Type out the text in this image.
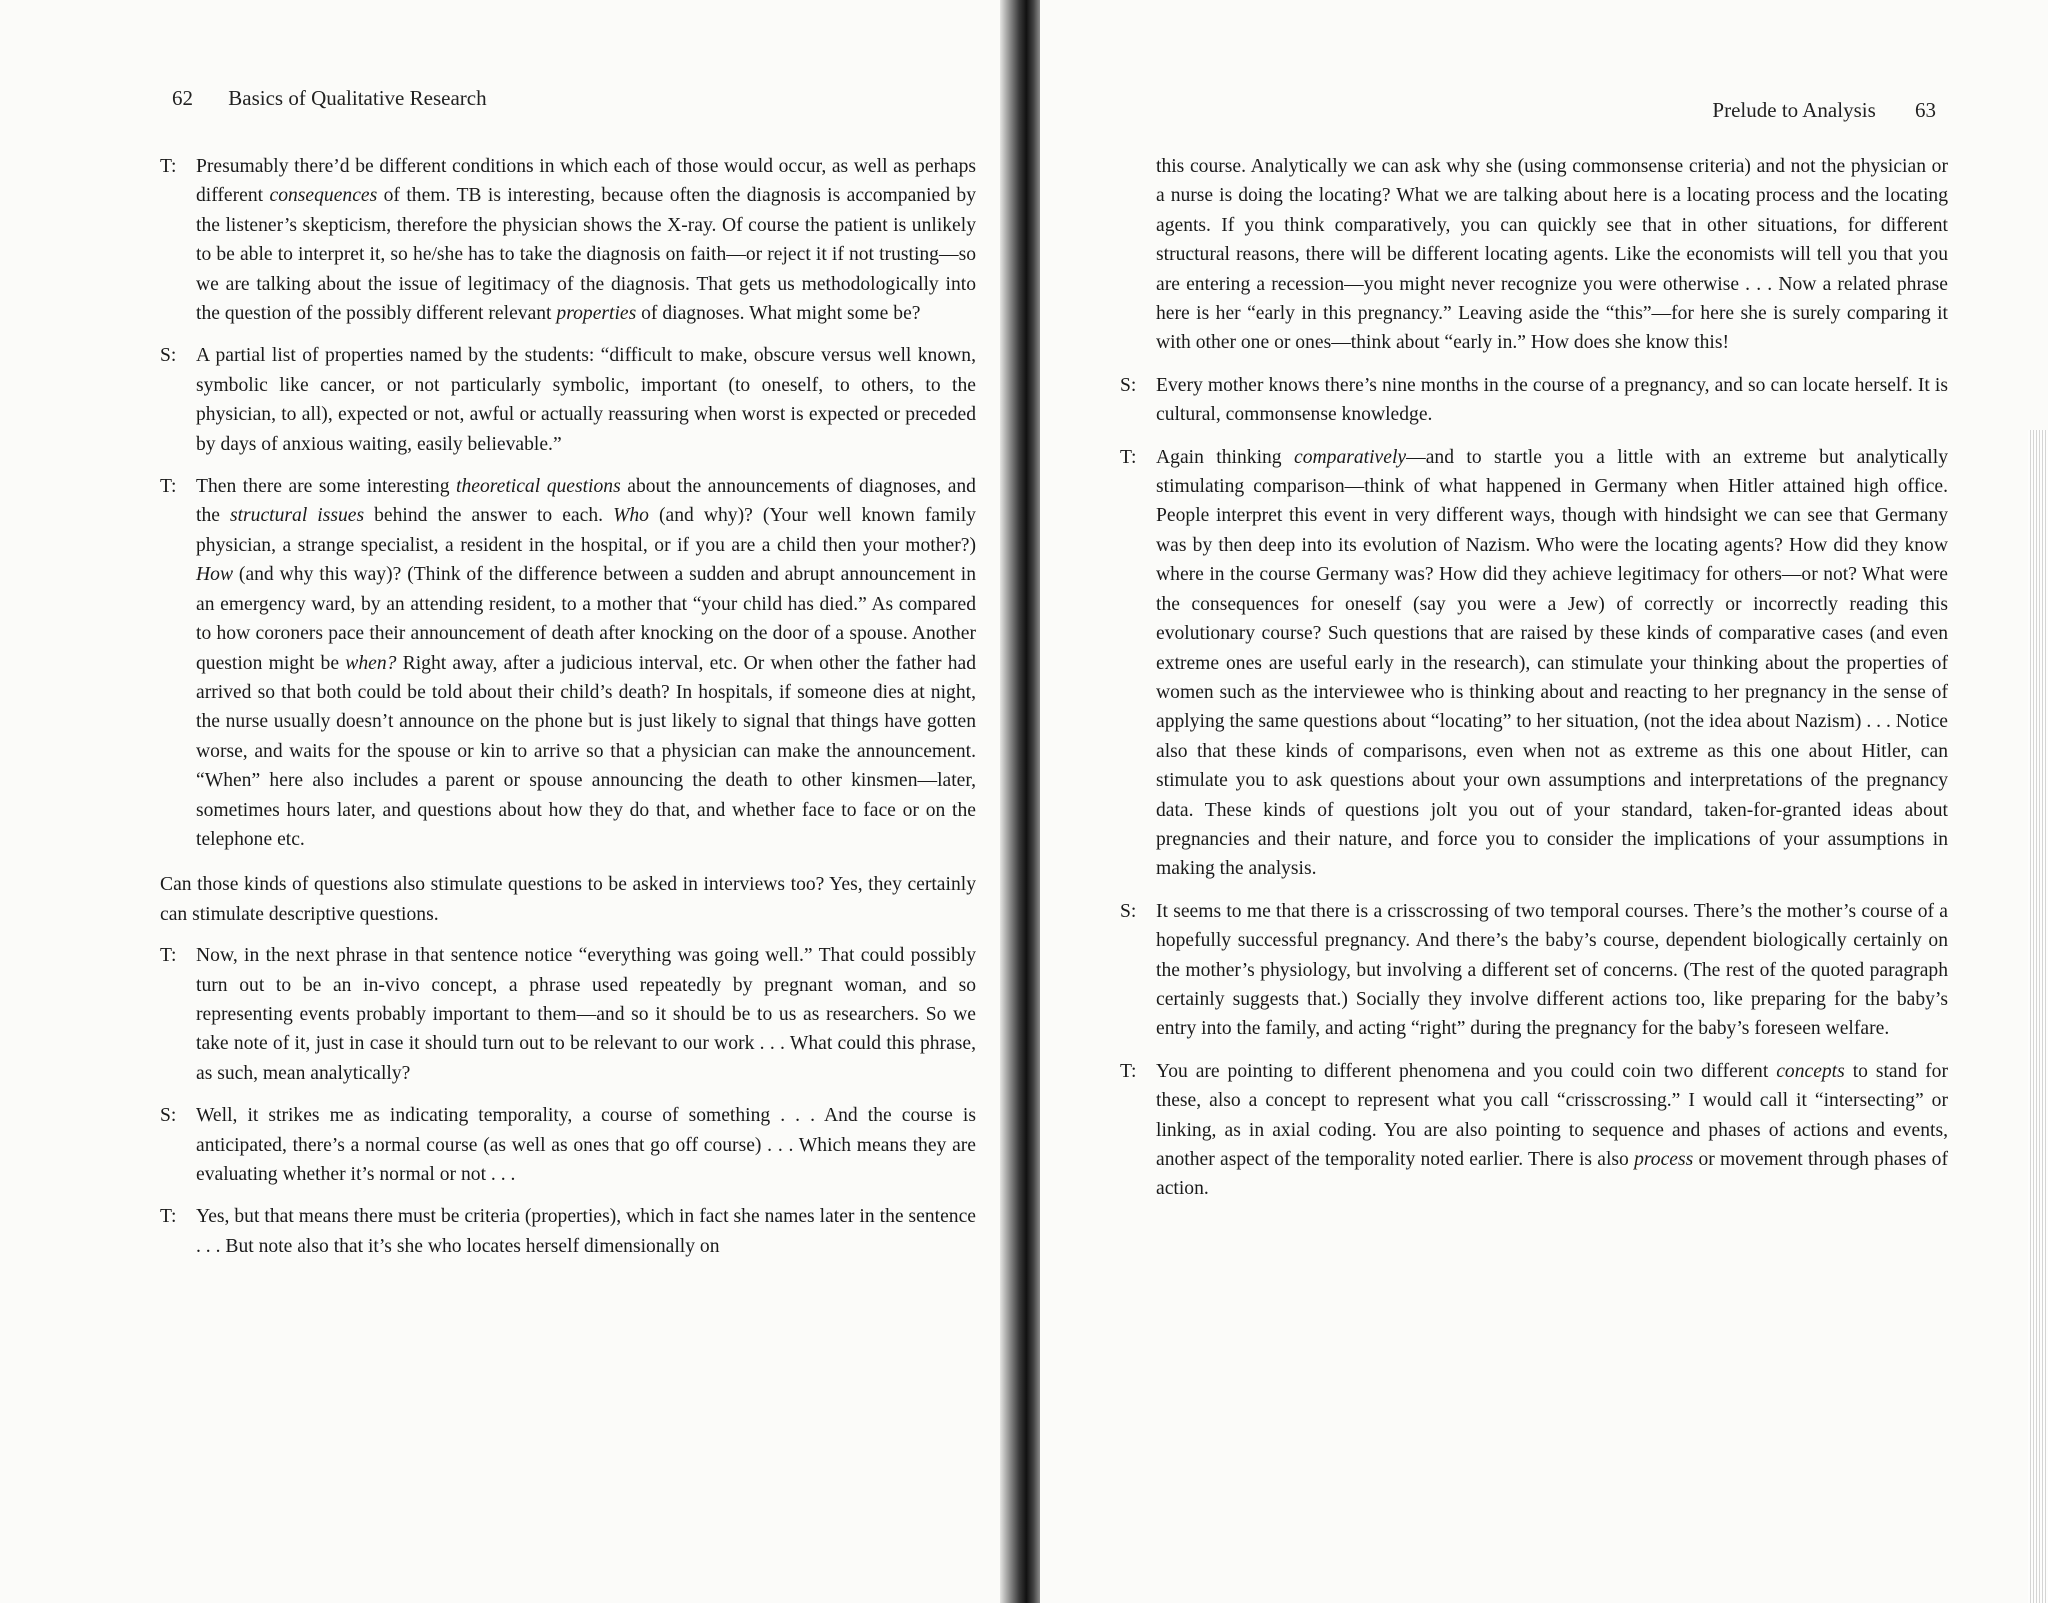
62 Basics of Qualitative Research
T: Presumably there’d be different conditions in which each of those would occur, as well as perhaps different consequences of them. TB is interesting, because often the diagnosis is accompanied by the listener’s skepticism, therefore the physician shows the X-ray. Of course the patient is unlikely to be able to interpret it, so he/she has to take the diagnosis on faith—or reject it if not trusting—so we are talking about the issue of legitimacy of the diagnosis. That gets us methodologically into the question of the possibly different relevant properties of diagnoses. What might some be?
S:	A partial list of properties named by the students: “difficult to make, obscure versus well known, symbolic like cancer, or not particularly symbolic, important (to oneself, to others, to the physician, to all), expected or not, awful or actually reassuring when worst is expected or preceded by days of anxious waiting, easily believable.”
T: Then there are some interesting theoretical questions about the announcements of diagnoses, and the structural issues behind the answer to each. Who (and why)? (Your well known family physician, a strange specialist, a resident in the hospital, or if you are a child then your mother?) How (and why this way)? (Think of the difference between a sudden and abrupt announcement in an emergency ward, by an attending resident, to a mother that “your child has died.” As compared to how coroners pace their announcement of death after knocking on the door of a spouse. Another question might be when? Right away, after a judicious interval, etc. Or when other the father had arrived so that both could be told about their child’s death? In hospitals, if someone dies at night, the nurse usually doesn’t announce on the phone but is just likely to signal that things have gotten worse, and waits for the spouse or kin to arrive so that a physician can make the announcement. “When” here also includes a parent or spouse announcing the death to other kinsmen—later, sometimes hours later, and questions about how they do that, and whether face to face or on the telephone etc.

Can those kinds of questions also stimulate questions to be asked in interviews too? Yes, they certainly can stimulate descriptive questions.

T: Now, in the next phrase in that sentence notice “everything was going well.” That could possibly turn out to be an in-vivo concept, a phrase used repeatedly by pregnant woman, and so representing events probably important to them—and so it should be to us as researchers. So we take note of it, just in case it should turn out to be relevant to our work . . . What could this phrase, as such, mean analytically?
S:	Well, it strikes me as indicating temporality, a course of something . . . And the course is anticipated, there’s a normal course (as well as ones that go off course) . . . Which means they are evaluating whether it’s normal or not . . .
T: Yes, but that means there must be criteria (properties), which in fact she names later in the sentence . . . But note also that it’s she who locates herself dimensionally on
Prelude to Analysis 63
this course. Analytically we can ask why she (using commonsense criteria) and not the physician or a nurse is doing the locating? What we are talking about here is a locating process and the locating agents. If you think comparatively, you can quickly see that in other situations, for different structural reasons, there will be different locating agents. Like the economists will tell you that you are entering a recession—you might never recognize you were otherwise . . . Now a related phrase here is her “early in this pregnancy.” Leaving aside the “this”—for here she is surely comparing it with other one or ones—think about “early in.” How does she know this!
S:	Every mother knows there’s nine months in the course of a pregnancy, and so can locate herself. It is cultural, commonsense knowledge.
T: Again thinking comparatively—and to startle you a little with an extreme but analytically stimulating comparison—think of what happened in Germany when Hitler attained high office. People interpret this event in very different ways, though with hindsight we can see that Germany was by then deep into its evolution of Nazism. Who were the locating agents? How did they know where in the course Germany was? How did they achieve legitimacy for others—or not? What were the consequences for oneself (say you were a Jew) of correctly or incorrectly reading this evolutionary course? Such questions that are raised by these kinds of comparative cases (and even extreme ones are useful early in the research), can stimulate your thinking about the properties of women such as the interviewee who is thinking about and reacting to her pregnancy in the sense of applying the same questions about “locating” to her situation, (not the idea about Nazism) . . . Notice also that these kinds of comparisons, even when not as extreme as this one about Hitler, can stimulate you to ask questions about your own assumptions and interpretations of the pregnancy data. These kinds of questions jolt you out of your standard, taken-for-granted ideas about pregnancies and their nature, and force you to consider the implications of your assumptions in making the analysis.
S:	It seems to me that there is a crisscrossing of two temporal courses. There’s the mother’s course of a hopefully successful pregnancy. And there’s the baby’s course, dependent biologically certainly on the mother’s physiology, but involving a different set of concerns. (The rest of the quoted paragraph certainly suggests that.) Socially they involve different actions too, like preparing for the baby’s entry into the family, and acting “right” during the pregnancy for the baby’s foreseen welfare.
T: You are pointing to different phenomena and you could coin two different concepts to stand for these, also a concept to represent what you call “crisscrossing.” I would call it “intersecting” or linking, as in axial coding. You are also pointing to sequence and phases of actions and events, another aspect of the temporality noted earlier. There is also process or movement through phases of action.
